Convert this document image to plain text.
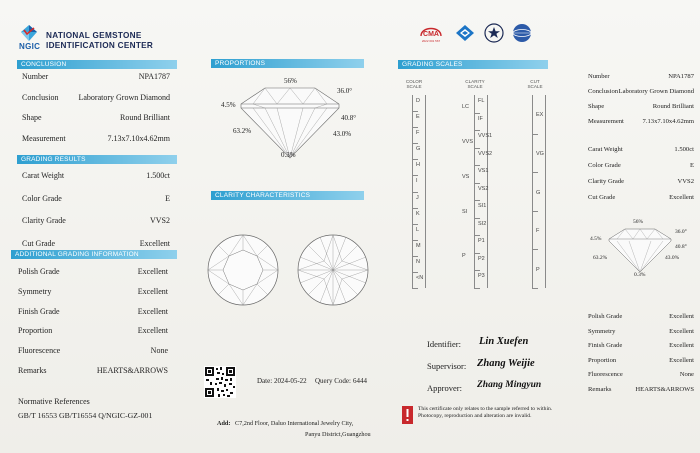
NGIC
NATIONAL GEMSTONE
IDENTIFICATION CENTER
CONCLUSION
Number	NPA1787
Conclusion	Laboratory Grown Diamond
Shape	Round Brilliant
Measurement	7.13x7.10x4.62mm
GRADING RESULTS
Carat Weight	1.500ct
Color Grade	E
Clarity Grade	VVS2
Cut Grade	Excellent
ADDITIONAL GRADING INFORMATION
Polish Grade	Excellent
Symmetry	Excellent
Finish Grade	Excellent
Proportion	Excellent
Fluorescence	None
Remarks	HEARTS&ARROWS
Normative References
GB/T 16553 GB/T16554 Q/NGIC-GZ-001
PROPORTIONS
56%
36.0°
4.5%
40.8°
63.2%	43.0%
0.3%
CLARITY CHARACTERISTICS
Date: 2024-05-22 Query Code: 6444
Add: C7,2nd Floor, Daluo International Jewelry City,
Panyu District,Guangzhou
CMA
2022 001 567
GRADING SCALES
COLOR SCALE
CLARITY SCALE
CUT SCALE
D
E
F
G
H
I
J
K
L
M
N
<N
FL
IF
VVS1
VVS2
VS1
VS2
SI1
SI2
P1
P2
P3
LC
VVS
VS
SI
P
EX
VG
G
F
P
Identifier: Lin Xuefen
Supervisor: Zhang Weijie
Approver: Zhang Mingyun
This certificate only relates to the sample referred to within. Photocopy, reproduction and alteration are invalid.
Number	NPA1787
Conclusion Laboratory Grown Diamond
Shape	Round Brilliant
Measurement	7.13x7.10x4.62mm
Carat Weight	1.500ct
Color Grade	E
Clarity Grade	VVS2
Cut Grade	Excellent
56%
36.0°
4.5%
40.8°
63.2%	43.0%
0.3%
Polish Grade	Excellent
Symmetry	Excellent
Finish Grade	Excellent
Proportion	Excellent
Fluorescence	None
Remarks	HEARTS&ARROWS
